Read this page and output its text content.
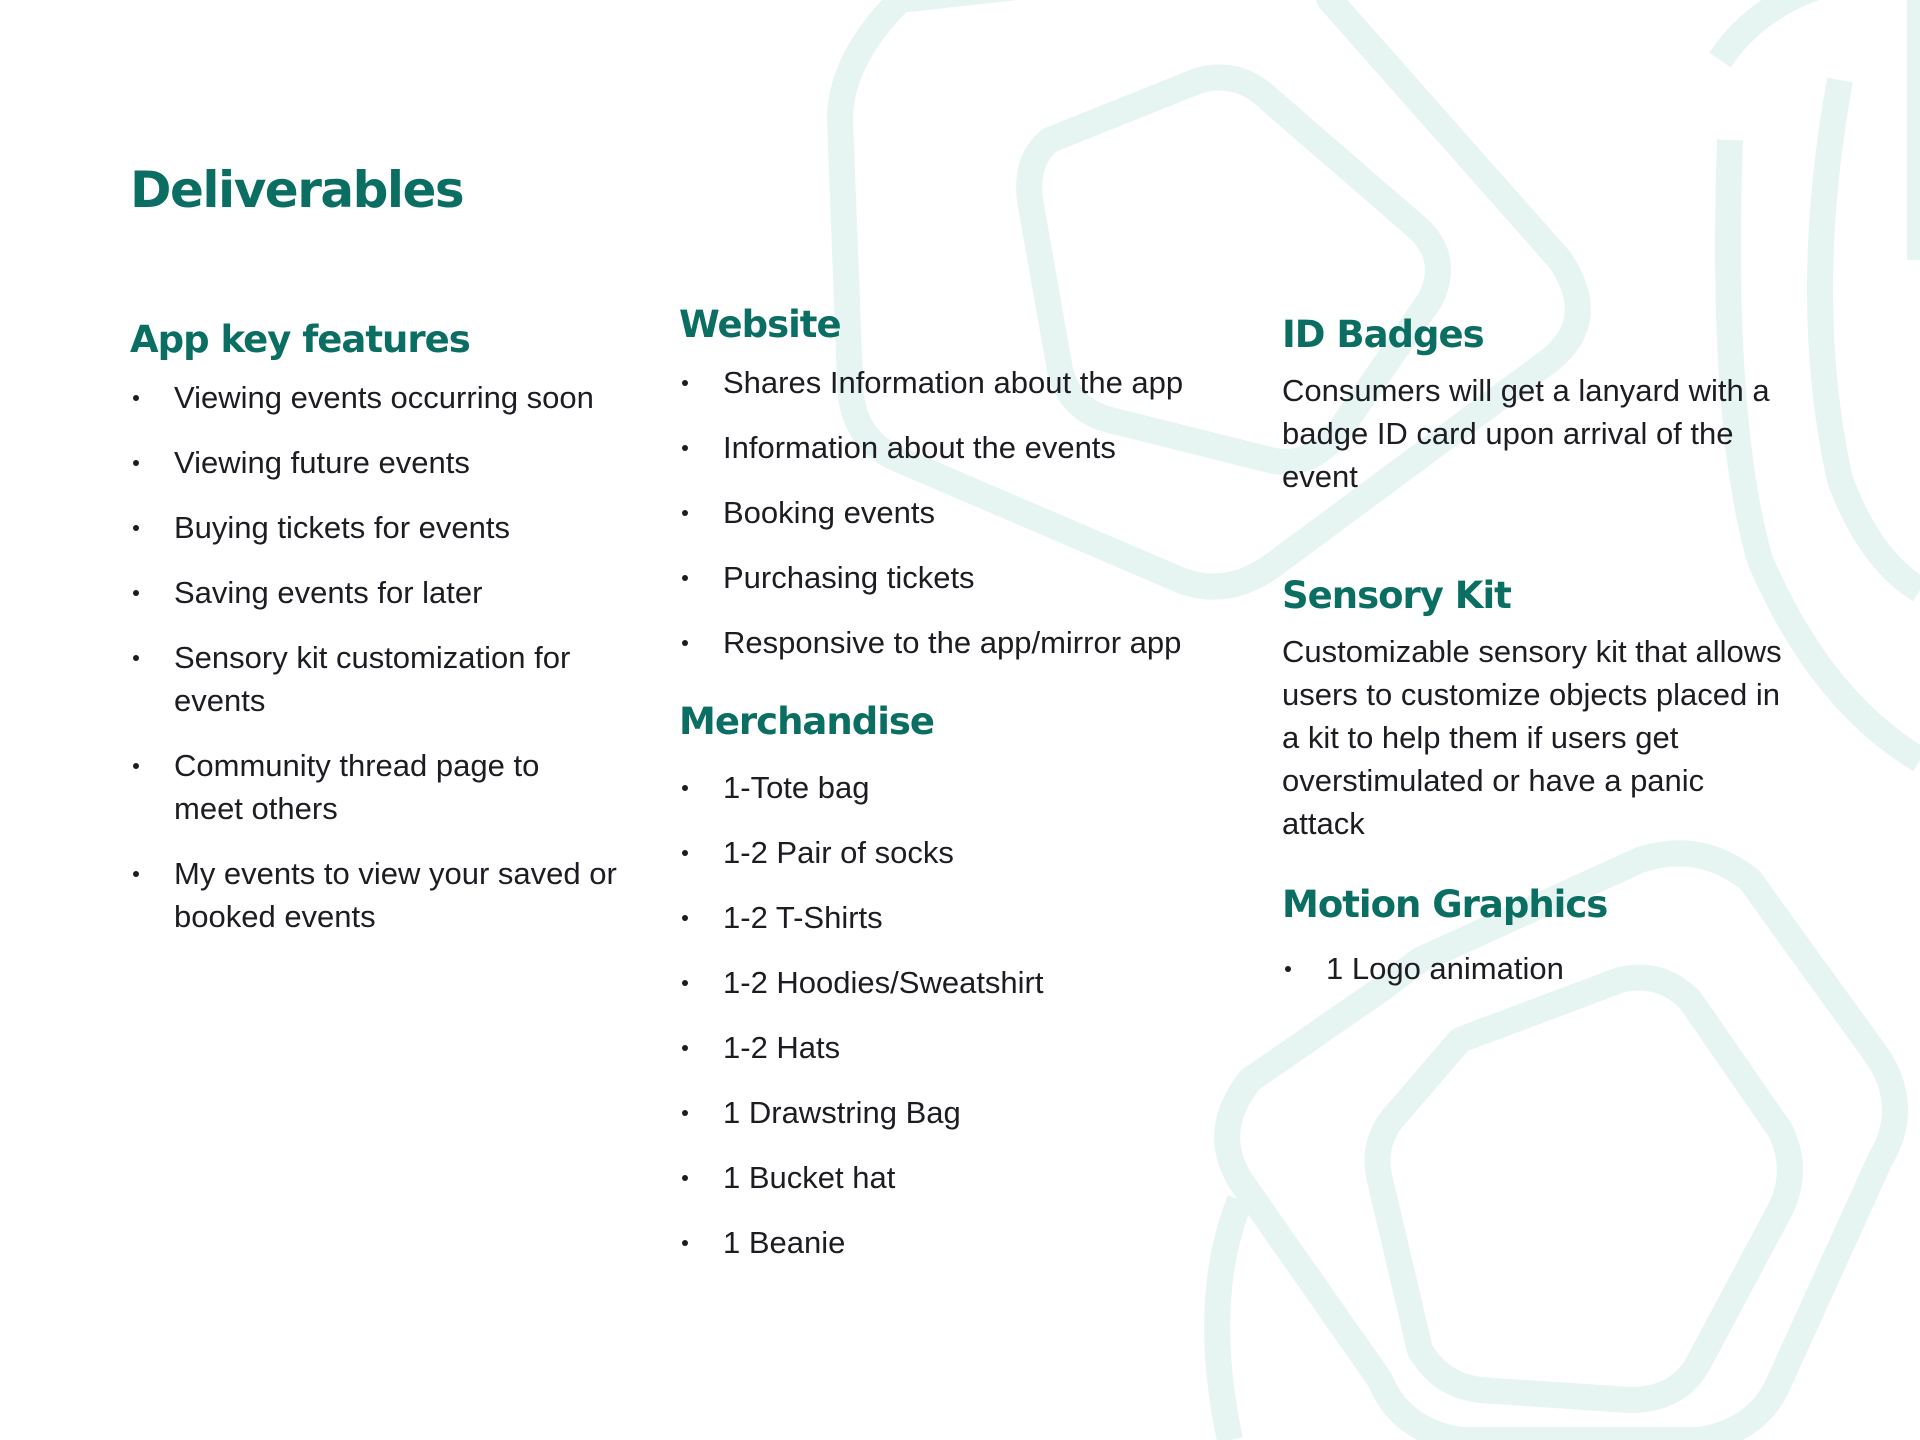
Deliverables
App key features
Viewing events occurring soon
Viewing future events
Buying tickets for events
Saving events for later
Sensory kit customization for events
Community thread page to meet others
My events to view your saved or booked events
Website
Shares Information about the app
Information about the events
Booking events
Purchasing tickets
Responsive to the app/mirror app
Merchandise
1-Tote bag
1-2 Pair of socks
1-2 T-Shirts
1-2 Hoodies/Sweatshirt
1-2 Hats
1 Drawstring Bag
1 Bucket hat
1 Beanie
ID Badges

Consumers will get a lanyard with a badge ID card upon arrival of the event

Sensory Kit

Customizable sensory kit that allows users to customize objects placed in a kit to help them if users get overstimulated or have a panic attack

Motion Graphics
1 Logo animation
